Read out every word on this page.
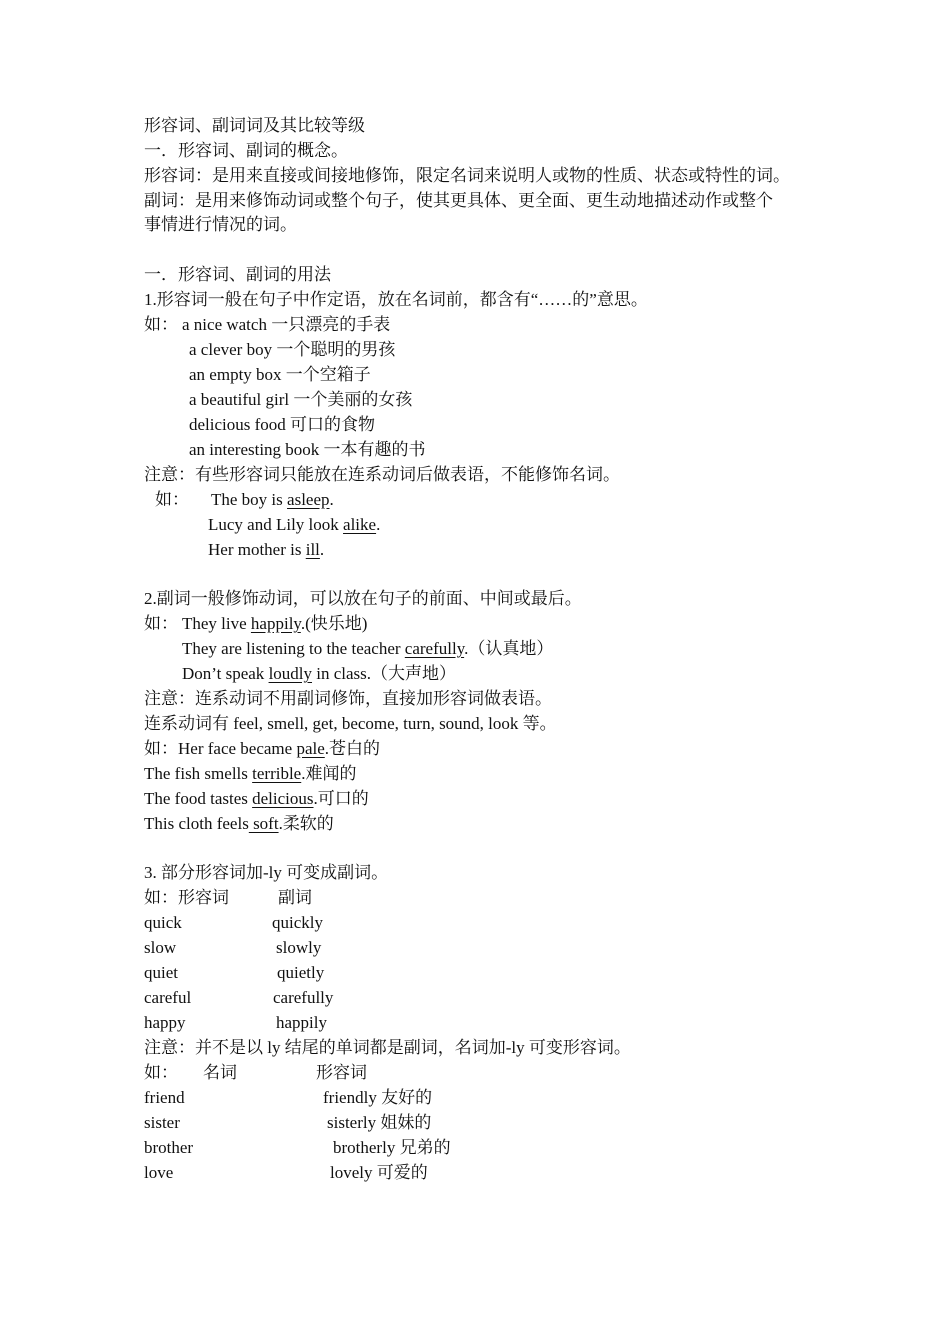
形容词、副词词及其比较等级
一．形容词、副词的概念。
形容词：是用来直接或间接地修饰，限定名词来说明人或物的性质、状态或特性的词。
副词：是用来修饰动词或整个句子，使其更具体、更全面、更生动地描述动作或整个
事情进行情况的词。
一．形容词、副词的用法
1.形容词一般在句子中作定语，放在名词前，都含有“……的”意思。
如： a nice watch 一只漂亮的手表
a clever boy 一个聪明的男孩
an empty box 一个空箱子
a beautiful girl 一个美丽的女孩
delicious food 可口的食物
an interesting book 一本有趣的书
注意：有些形容词只能放在连系动词后做表语，不能修饰名词。
如： The boy is asleep.
Lucy and Lily look alike.
Her mother is ill.
2.副词一般修饰动词，可以放在句子的前面、中间或最后。
如： They live happily.(快乐地)
They are listening to the teacher carefully.（认真地）
Don’t speak loudly in class.（大声地）
注意：连系动词不用副词修饰，直接加形容词做表语。
连系动词有 feel, smell, get, become, turn, sound, look 等。
如：Her face became pale.苍白的
The fish smells terrible.难闻的
The food tastes delicious.可口的
This cloth feels soft.柔软的
3. 部分形容词加-ly 可变成副词。
如：形容词	副词
quick	quickly
slow	slowly
quiet	quietly
careful	carefully
happy	happily
注意：并不是以 ly 结尾的单词都是副词，名词加-ly 可变形容词。
如： 名词	形容词
friend	friendly 友好的
sister	sisterly 姐妹的
brother	brotherly 兄弟的
love	lovely 可爱的
